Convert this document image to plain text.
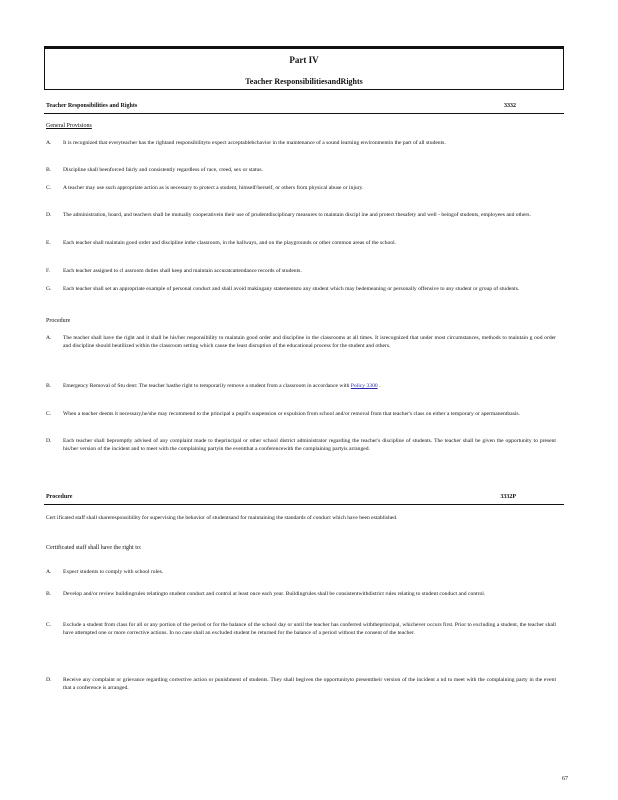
Part IV
Teacher ResponsibilitiesandRights
Teacher Responsibilities and Rights	3332
General Provisions
A. It is recognized that everyteacher has the rightand responsibilityto expect acceptablebchavior in the maintenance of a sound learning environmentin the part of all students.
B. Discipline shall beenforced fairly and consistently regardless of race, creed, sex or status.
C. A teacher may use such appropriate action as is necessary to protect a student, himself/herself, or others from physical abuse or injury.
D. The administration, board, and teachers shall be mutually cooperativein their use of prudentdisciplinary measures to maintain discipl ine and protect thesafety and well - beingof students, employees and others.
E. Each teacher shall maintain good order and discipline inthe classroom, in the hallways, and on the playgrounds or other common areas of the school.
F. Each teacher assigned to cl assroom duties shall keep and maintain accuratcattendance records of students.
G. Each teacher shall set an appropriate example of personal conduct and shall avoid makingany statementsto any student which may bedemeaning or personally offensive to any student or group of students.
Procedure
A. The teacher shall have the right and it shall be his/her responsibility to maintain good order and discipline in the classrooms at all times. It isrecognized that under most circumstances, methods to maintain g ood order and discipline should beutilized within the classroom setting which cause the least disruption of the educational process for the student and others.
B. Emergency Removal of Stu dent: The teacher hasthe right to temporarily remove a student from a classroom in accordance with Policy 3300 .
C. When a teacher deems it necessary,he/she may recommend to the principal a pupil's suspension or expulsion from school and/or removal from that teacher's class on either a temporary or apermanentbasis.
D. Each teacher shall bepromptly advised of any complaint made to theprincipal or other school district administrator regarding the teacher's discipline of students. The teacher shall be given the opportunity to present his/her version of the incident and to meet with the complaining partyin the eventthat a conferencewith the complaining partyis arranged.
Procedure	3332P
Cert ificated staff shall shareresponsibility for supervising the behavior of studentsand for maintaining the standards of conduct which have been established.
Certificated staff shall have the right to:
A. Expect students to comply with school rules.
B. Develop and/or review buildingrules relatingto student conduct and control at least once each year. Buildingrules shall be consistentwithdistrict rules relating to student conduct and control.
C. Exclude a student from class for all or any portion of the period or for the balance of the school day or until the teacher has conferred withtheprincipal, whichever occurs first. Prior to excluding a student, the teacher shall have attempted one or more corrective actions. In no case shall an excluded student be returned for the balance of a period without the consent of the teacher.
D. Receive any complaint or grievance regarding corrective action or punishment of students. They shall begiven the opportunityto presenttheir version of the incident a nd to meet with the complaining party in the event that a conference is arranged.
67
